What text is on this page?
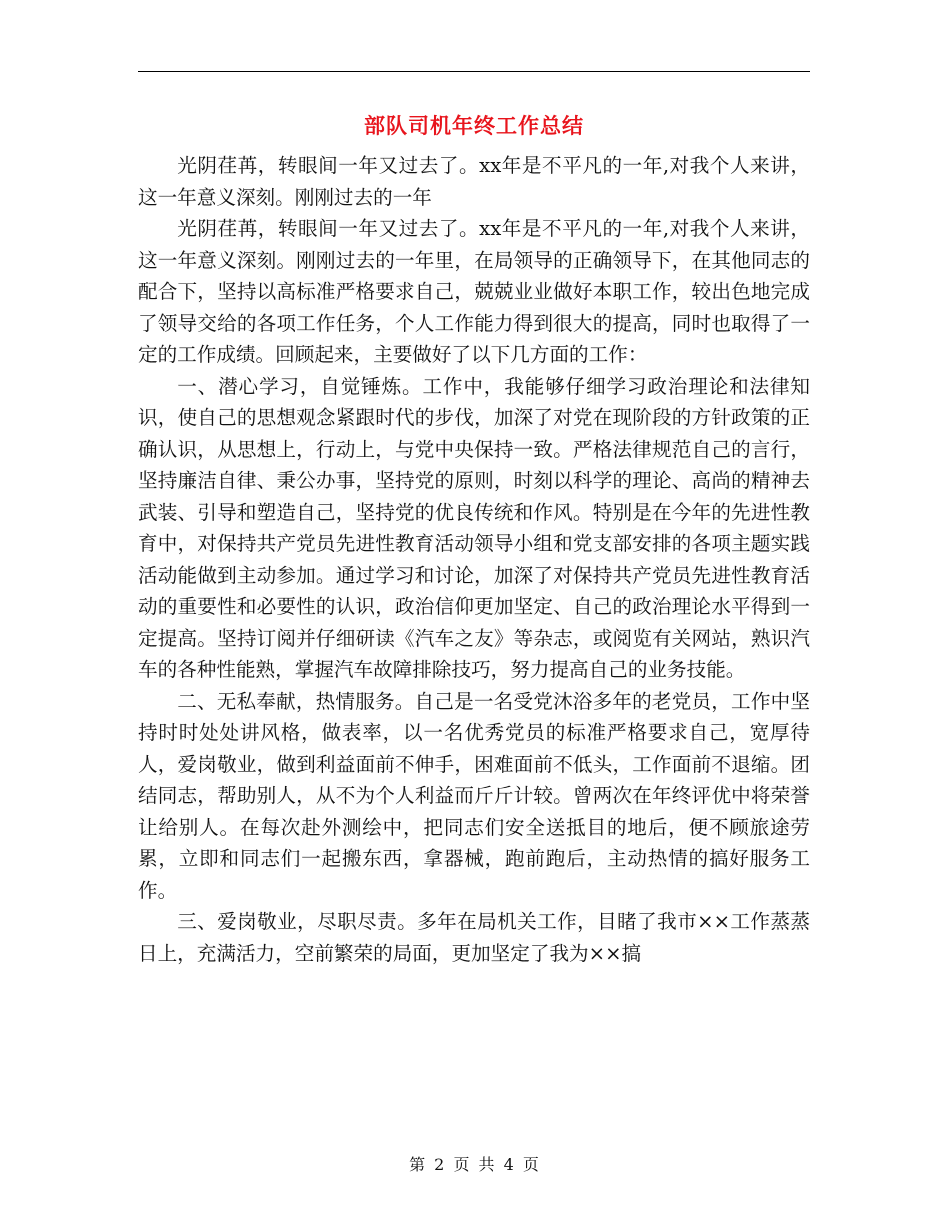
部队司机年终工作总结

光阴荏苒，转眼间一年又过去了。xx年是不平凡的一年,对我个人来讲，这一年意义深刻。刚刚过去的一年

光阴荏苒，转眼间一年又过去了。xx年是不平凡的一年,对我个人来讲，这一年意义深刻。刚刚过去的一年里，在局领导的正确领导下，在其他同志的配合下，坚持以高标准严格要求自己，兢兢业业做好本职工作，较出色地完成了领导交给的各项工作任务，个人工作能力得到很大的提高，同时也取得了一定的工作成绩。回顾起来，主要做好了以下几方面的工作：

一、潜心学习，自觉锤炼。工作中，我能够仔细学习政治理论和法律知识，使自己的思想观念紧跟时代的步伐，加深了对党在现阶段的方针政策的正确认识，从思想上，行动上，与党中央保持一致。严格法律规范自己的言行，坚持廉洁自律、秉公办事，坚持党的原则，时刻以科学的理论、高尚的精神去武装、引导和塑造自己，坚持党的优良传统和作风。特别是在今年的先进性教育中，对保持共产党员先进性教育活动领导小组和党支部安排的各项主题实践活动能做到主动参加。通过学习和讨论，加深了对保持共产党员先进性教育活动的重要性和必要性的认识，政治信仰更加坚定、自己的政治理论水平得到一定提高。坚持订阅并仔细研读《汽车之友》等杂志，或阅览有关网站，熟识汽车的各种性能熟，掌握汽车故障排除技巧，努力提高自己的业务技能。

二、无私奉献，热情服务。自己是一名受党沐浴多年的老党员，工作中坚持时时处处讲风格，做表率，以一名优秀党员的标准严格要求自己，宽厚待人，爱岗敬业，做到利益面前不伸手，困难面前不低头，工作面前不退缩。团结同志，帮助别人，从不为个人利益而斤斤计较。曾两次在年终评优中将荣誉让给别人。在每次赴外测绘中，把同志们安全送抵目的地后，便不顾旅途劳累，立即和同志们一起搬东西，拿器械，跑前跑后，主动热情的搞好服务工作。

三、爱岗敬业，尽职尽责。多年在局机关工作，目睹了我市××工作蒸蒸日上，充满活力，空前繁荣的局面，更加坚定了我为××搞

第 2 页 共 4 页
